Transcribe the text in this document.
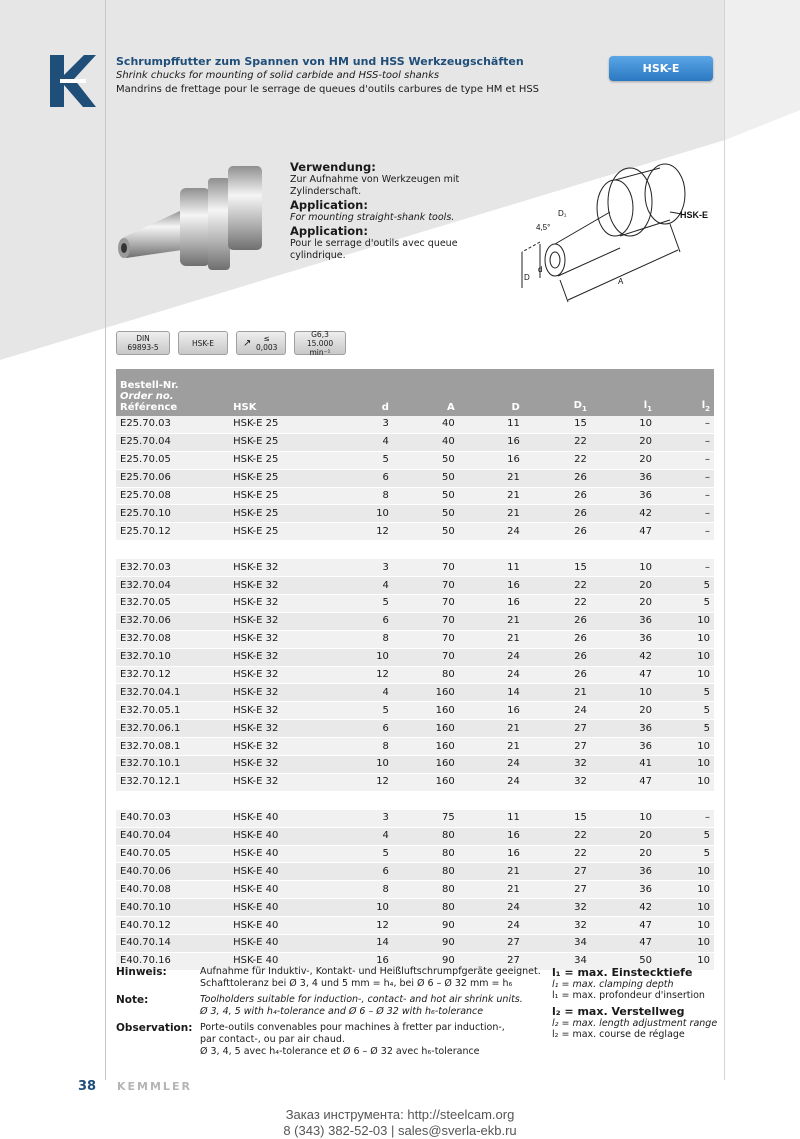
Schrumpffutter zum Spannen von HM und HSS Werkzeugschäften
Shrink chucks for mounting of solid carbide and HSS-tool shanks
Mandrins de frettage pour le serrage de queues d'outils carbures de type HM et HSS
HSK-E
Verwendung:
Zur Aufnahme von Werkzeugen mit Zylinderschaft.
Application:
For mounting straight-shank tools.
Application:
Pour le serrage d'outils avec queue cylindrique.
HSK-E
4,5°
D₁
d
D	A
DIN 69893-5	HSK-E	↗	≤ 0,003
G6,3
15.000 min⁻¹
Bestell-Nr.
Order no.
Référence	HSK	d	A	D	$D_1$	$l_1$	$l_2$
E25.70.03	HSK-E 25	3	40	11	15	10	–
E25.70.04	HSK-E 25	4	40	16	22	20	–
E25.70.05	HSK-E 25	5	50	16	22	20	–
E25.70.06	HSK-E 25	6	50	21	26	36	–
E25.70.08	HSK-E 25	8	50	21	26	36	–
E25.70.10	HSK-E 25	10	50	21	26	42	–
E25.70.12	HSK-E 25	12	50	24	26	47	–

E32.70.03	HSK-E 32	3	70	11	15	10	–
E32.70.04	HSK-E 32	4	70	16	22	20	5
E32.70.05	HSK-E 32	5	70	16	22	20	5
E32.70.06	HSK-E 32	6	70	21	26	36	10
E32.70.08	HSK-E 32	8	70	21	26	36	10
E32.70.10	HSK-E 32	10	70	24	26	42	10
E32.70.12	HSK-E 32	12	80	24	26	47	10
E32.70.04.1	HSK-E 32	4	160	14	21	10	5
E32.70.05.1	HSK-E 32	5	160	16	24	20	5
E32.70.06.1	HSK-E 32	6	160	21	27	36	5
E32.70.08.1	HSK-E 32	8	160	21	27	36	10
E32.70.10.1	HSK-E 32	10	160	24	32	41	10
E32.70.12.1	HSK-E 32	12	160	24	32	47	10

E40.70.03	HSK-E 40	3	75	11	15	10	–
E40.70.04	HSK-E 40	4	80	16	22	20	5
E40.70.05	HSK-E 40	5	80	16	22	20	5
E40.70.06	HSK-E 40	6	80	21	27	36	10
E40.70.08	HSK-E 40	8	80	21	27	36	10
E40.70.10	HSK-E 40	10	80	24	32	42	10
E40.70.12	HSK-E 40	12	90	24	32	47	10
E40.70.14	HSK-E 40	14	90	27	34	47	10
E40.70.16	HSK-E 40	16	90	27	34	50	10
Hinweis:	Aufnahme für Induktiv-, Kontakt- und Heißluftschrumpfgeräte geeignet.
Schafttoleranz bei Ø 3, 4 und 5 mm = h₄, bei Ø 6 – Ø 32 mm = h₆
Note:	Toolholders suitable for induction-, contact- and hot air shrink units.
Ø 3, 4, 5 with h₄-tolerance and Ø 6 – Ø 32 with h₆-tolerance
Observation: Porte-outils convenables pour machines à fretter par induction-,
par contact-, ou par air chaud.
Ø 3, 4, 5 avec h₄-tolerance et Ø 6 – Ø 32 avec h₆-tolerance
l₁ = max. Einstecktiefe
l₁ = max. clamping depth
l₁ = max. profondeur d'insertion
l₂ = max. Verstellweg
l₂ = max. length adjustment range
l₂ = max. course de réglage
38 KEMMLER
Заказ инструмента: http://steelcam.org
8 (343) 382-52-03 | sales@sverla-ekb.ru
